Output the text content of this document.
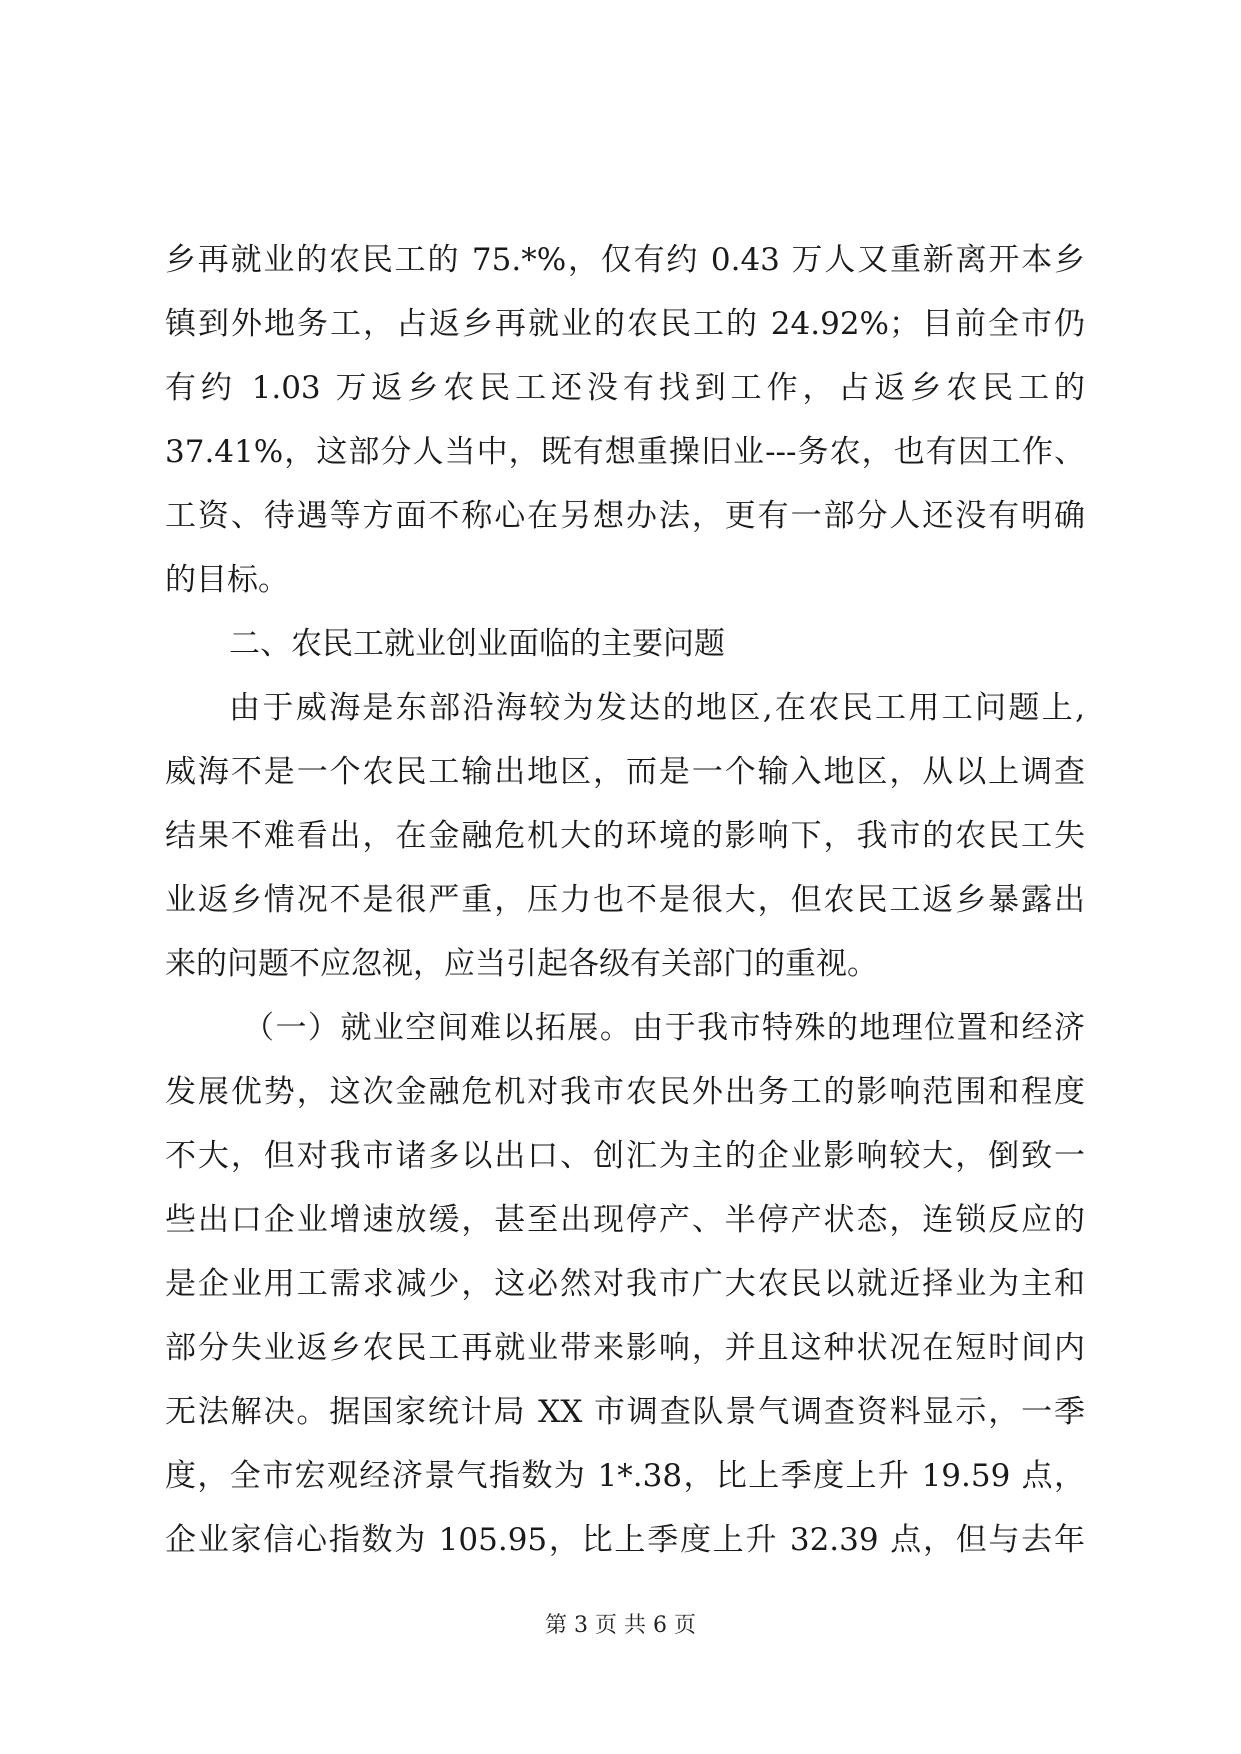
乡再就业的农民工的 75.*%，仅有约 0.43 万人又重新离开本乡
镇到外地务工，占返乡再就业的农民工的 24.92%；目前全市仍
有约 1.03 万返乡农民工还没有找到工作，占返乡农民工的
37.41%，这部分人当中，既有想重操旧业---务农，也有因工作、
工资、待遇等方面不称心在另想办法，更有一部分人还没有明确
的目标。
二、农民工就业创业面临的主要问题
由于威海是东部沿海较为发达的地区,在农民工用工问题上,
威海不是一个农民工输出地区，而是一个输入地区，从以上调查
结果不难看出，在金融危机大的环境的影响下，我市的农民工失
业返乡情况不是很严重，压力也不是很大，但农民工返乡暴露出
来的问题不应忽视，应当引起各级有关部门的重视。
（一）就业空间难以拓展。由于我市特殊的地理位置和经济
发展优势，这次金融危机对我市农民外出务工的影响范围和程度
不大，但对我市诸多以出口、创汇为主的企业影响较大，倒致一
些出口企业增速放缓，甚至出现停产、半停产状态，连锁反应的
是企业用工需求减少，这必然对我市广大农民以就近择业为主和
部分失业返乡农民工再就业带来影响，并且这种状况在短时间内
无法解决。据国家统计局 XX 市调查队景气调查资料显示，一季
度，全市宏观经济景气指数为 1*.38，比上季度上升 19.59 点，
企业家信心指数为 105.95，比上季度上升 32.39 点，但与去年
第 3 页 共 6 页
